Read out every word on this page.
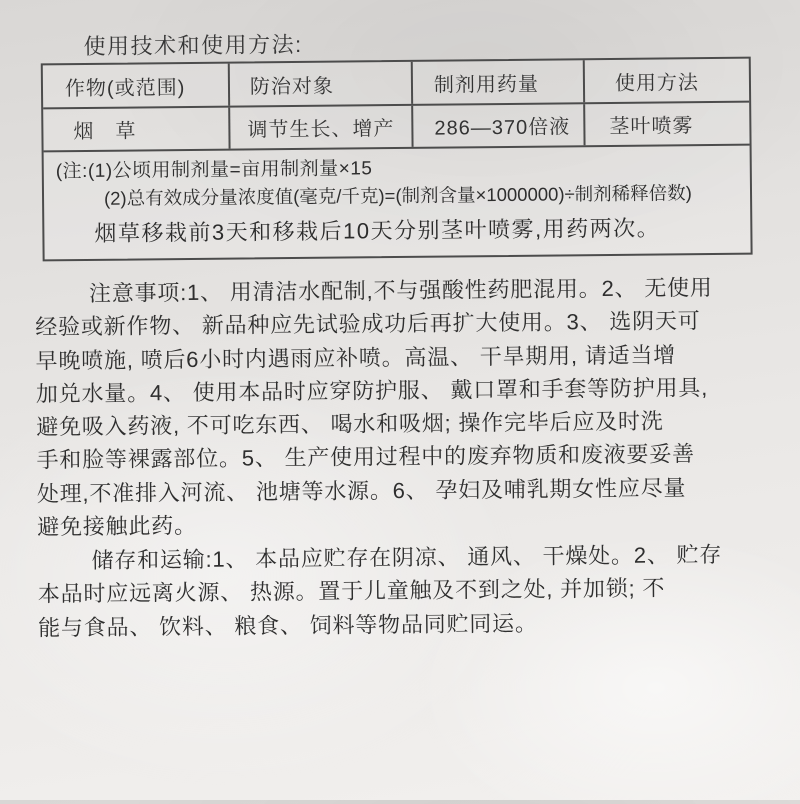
使用技术和使用方法:
作物(或范围)	防治对象	制剂用药量	使用方法
烟　草	调节生长、增产	286—370倍液	茎叶喷雾
(注:(1)公顷用制剂量=亩用制剂量×15
(2)总有效成分量浓度值(毫克/千克)=(制剂含量×1000000)÷制剂稀释倍数)
烟草移栽前3天和移栽后10天分别茎叶喷雾,用药两次。
注意事项:1、 用清洁水配制,不与强酸性药肥混用。2、 无使用
经验或新作物、 新品种应先试验成功后再扩大使用。3、 选阴天可
早晚喷施, 喷后6小时内遇雨应补喷。高温、 干旱期用, 请适当增
加兑水量。4、 使用本品时应穿防护服、 戴口罩和手套等防护用具,
避免吸入药液, 不可吃东西、 喝水和吸烟; 操作完毕后应及时洗
手和脸等裸露部位。5、 生产使用过程中的废弃物质和废液要妥善
处理,不准排入河流、 池塘等水源。6、 孕妇及哺乳期女性应尽量
避免接触此药。
储存和运输:1、 本品应贮存在阴凉、 通风、 干燥处。2、 贮存
本品时应远离火源、 热源。置于儿童触及不到之处, 并加锁; 不
能与食品、 饮料、 粮食、 饲料等物品同贮同运。
